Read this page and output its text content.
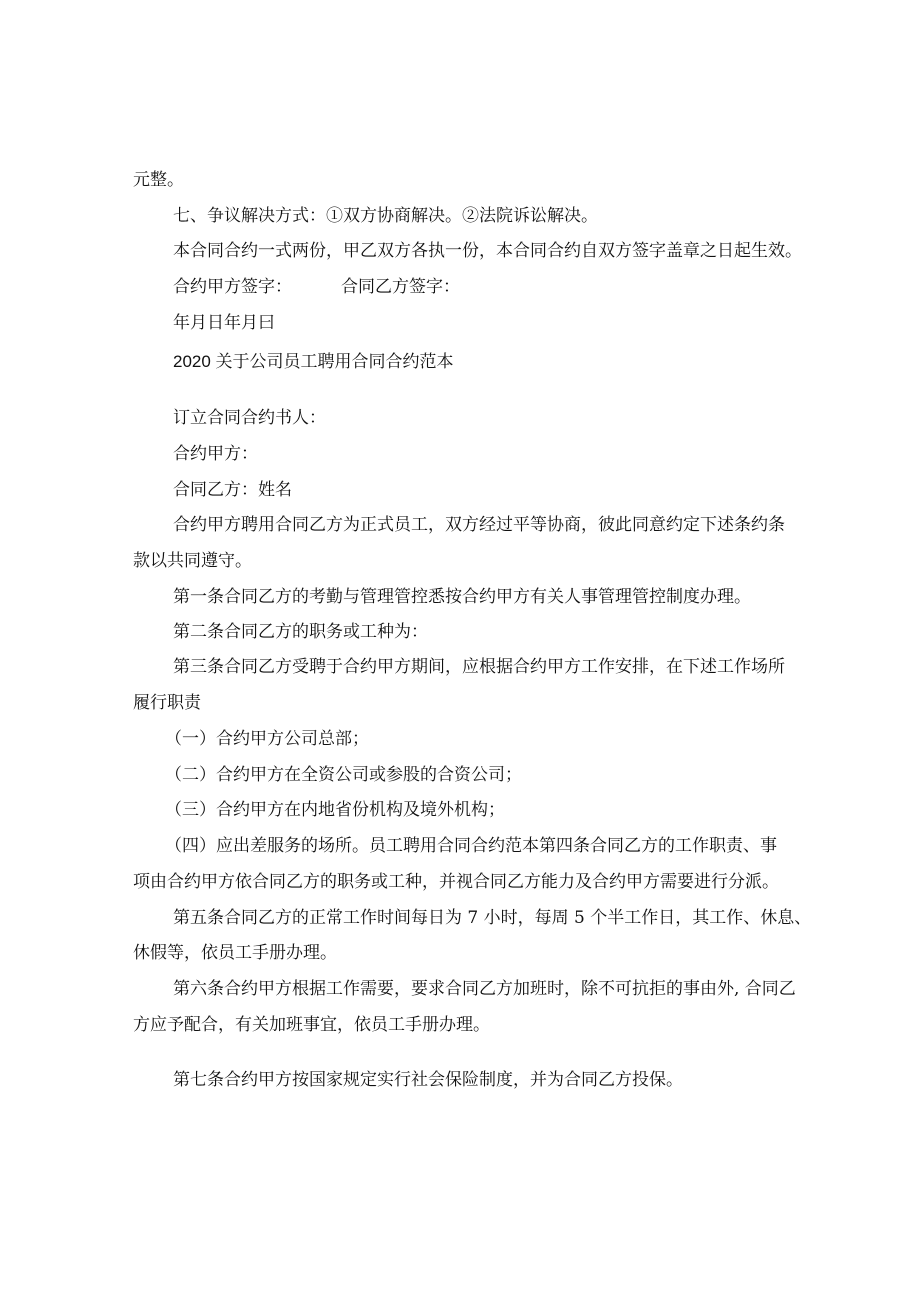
元整。
七、争议解决方式：①双方协商解决。②法院诉讼解决。
本合同合约一式两份，甲乙双方各执一份，本合同合约自双方签字盖章之日起生效。
合约甲方签字：	合同乙方签字：
年月日年月曰
2020 关于公司员工聘用合同合约范本
订立合同合约书人：
合约甲方：
合同乙方：姓名
合约甲方聘用合同乙方为正式员工，双方经过平等协商，彼此同意约定下述条约条
款以共同遵守。
第一条合同乙方的考勤与管理管控悉按合约甲方有关人事管理管控制度办理。
第二条合同乙方的职务或工种为：
第三条合同乙方受聘于合约甲方期间，应根据合约甲方工作安排，在下述工作场所
履行职责
（一）合约甲方公司总部；
（二）合约甲方在全资公司或参股的合资公司；
（三）合约甲方在内地省份机构及境外机构；
（四）应出差服务的场所。员工聘用合同合约范本第四条合同乙方的工作职责、事
项由合约甲方依合同乙方的职务或工种，并视合同乙方能力及合约甲方需要进行分派。
第五条合同乙方的正常工作时间每日为 7 小时，每周 5 个半工作日，其工作、休息、
休假等，依员工手册办理。
第六条合约甲方根据工作需要，要求合同乙方加班时，除不可抗拒的事由外, 合同乙
方应予配合，有关加班事宜，依员工手册办理。
第七条合约甲方按国家规定实行社会保险制度，并为合同乙方投保。
